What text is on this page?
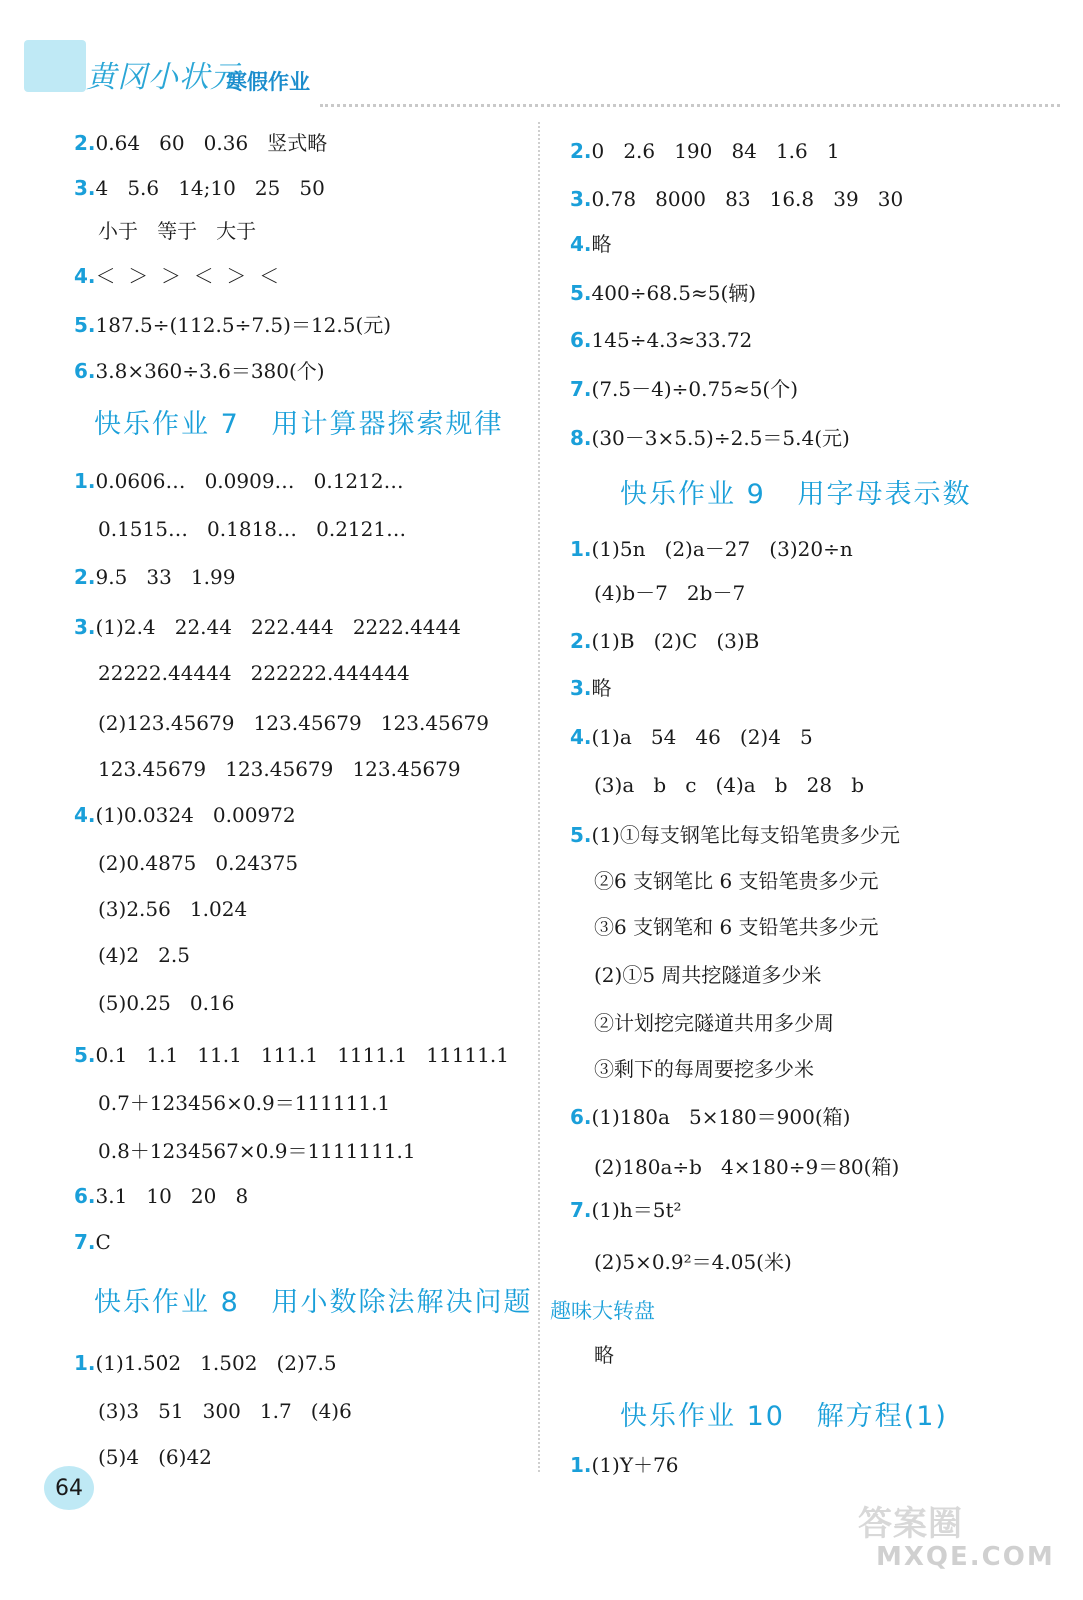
黄冈小状元
寒假作业
2.0.64   60   0.36   竖式略
3.4   5.6   14;10   25   50
小于   等于   大于
4.＜  ＞  ＞  ＜  ＞  ＜
5.187.5÷(112.5÷7.5)＝12.5(元)
6.3.8×360÷3.6＝380(个)
快乐作业 7   用计算器探索规律
1.0.0606…   0.0909…   0.1212…
0.1515…   0.1818…   0.2121…
2.9.5   33   1.99
3.(1)2.4   22.44   222.444   2222.4444
22222.44444   222222.444444
(2)123.45679   123.45679   123.45679
123.45679   123.45679   123.45679
4.(1)0.0324   0.00972
(2)0.4875   0.24375
(3)2.56   1.024
(4)2   2.5
(5)0.25   0.16
5.0.1   1.1   11.1   111.1   1111.1   11111.1
0.7＋123456×0.9＝111111.1
0.8＋1234567×0.9＝1111111.1
6.3.1   10   20   8
7.C
快乐作业 8   用小数除法解决问题
1.(1)1.5̇0̇2   1.502   (2)7.5
(3)3   51   300   1.7   (4)6
(5)4   (6)42
2.0   2.6   190   84   1.6   1
3.0.78   8000   83   16.8   39   30
4.略
5.400÷68.5≈5(辆)
6.145÷4.3≈33.72
7.(7.5－4)÷0.75≈5(个)
8.(30－3×5.5)÷2.5＝5.4(元)
快乐作业 9   用字母表示数
1.(1)5n   (2)a－27   (3)20÷n
(4)b－7   2b－7
2.(1)B   (2)C   (3)B
3.略
4.(1)a   54   46   (2)4   5
(3)a   b   c   (4)a   b   28   b
5.(1)①每支钢笔比每支铅笔贵多少元
②6 支钢笔比 6 支铅笔贵多少元
③6 支钢笔和 6 支铅笔共多少元
(2)①5 周共挖隧道多少米
②计划挖完隧道共用多少周
③剩下的每周要挖多少米
6.(1)180a   5×180＝900(箱)
(2)180a÷b   4×180÷9＝80(箱)
7.(1)h＝5t²
(2)5×0.9²＝4.05(米)
趣味大转盘
略
快乐作业 10   解方程(1)
1.(1)Y＋76
64
答案圈
MXQE.COM
